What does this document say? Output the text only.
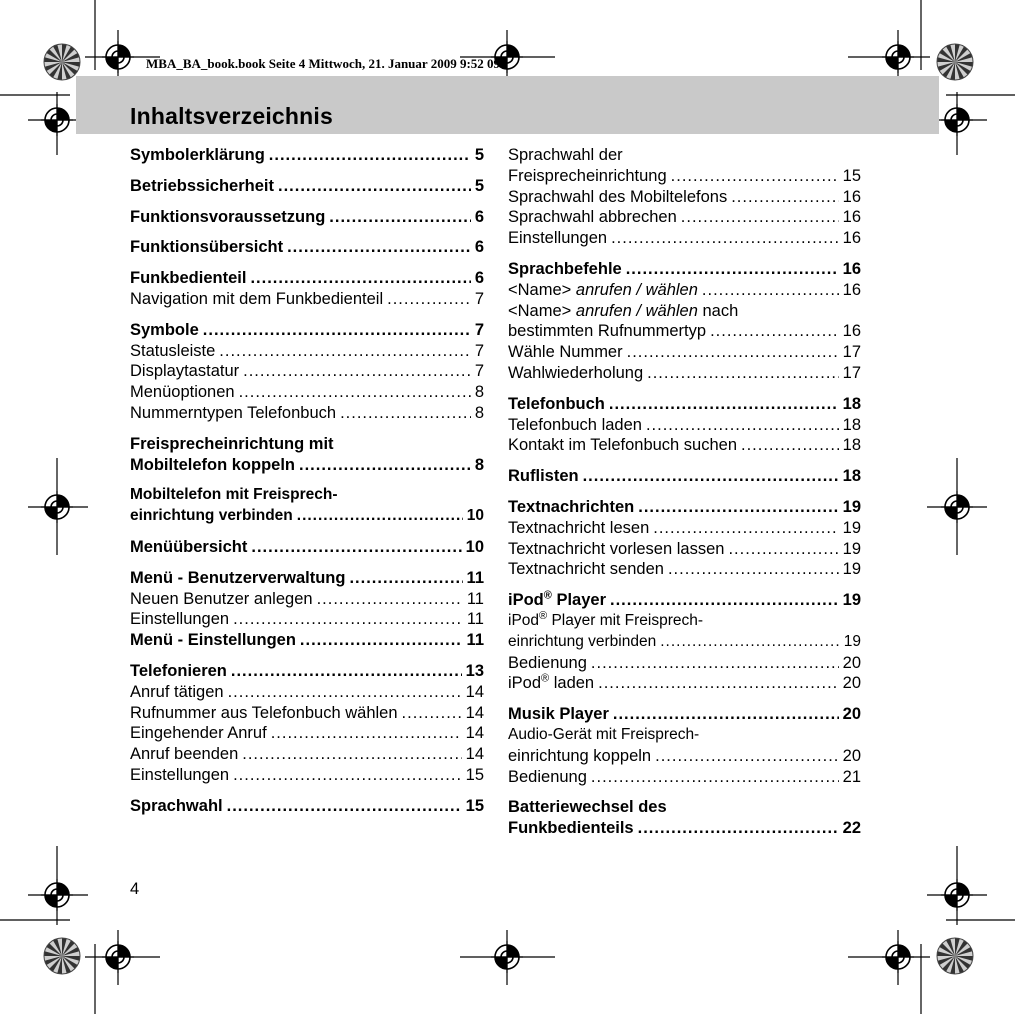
MBA_BA_book.book Seite 4 Mittwoch, 21. Januar 2009 9:52 09
Inhaltsverzeichnis
Symbolerklärung .....	5
Betriebssicherheit .....	5
Funktionsvoraussetzung .....	6
Funktionsübersicht .....	6
Funkbedienteil .....	6
Navigation mit dem Funkbedienteil .....	7
Symbole .....	7
Statusleiste .....	7
Displaytastatur .....	7
Menüoptionen .....	8
Nummerntypen Telefonbuch .....	8
Freisprecheinrichtung mit
Mobiltelefon koppeln .....	8
Mobiltelefon mit Freisprech-
einrichtung verbinden .....	10
Menüübersicht .....	10
Menü - Benutzerverwaltung .....	11
Neuen Benutzer anlegen .....	11
Einstellungen .....	11
Menü - Einstellungen .....	11
Telefonieren .....	13
Anruf tätigen .....	14
Rufnummer aus Telefonbuch wählen .....	14
Eingehender Anruf .....	14
Anruf beenden .....	14
Einstellungen .....	15
Sprachwahl .....	15
Sprachwahl der
Freisprecheinrichtung .....	15
Sprachwahl des Mobiltelefons .....	16
Sprachwahl abbrechen .....	16
Einstellungen .....	16
Sprachbefehle .....	16
<Name> anrufen / wählen .....	16
<Name> anrufen / wählen nach
bestimmten Rufnummertyp .....	16
Wähle Nummer .....	17
Wahlwiederholung .....	17
Telefonbuch .....	18
Telefonbuch laden .....	18
Kontakt im Telefonbuch suchen .....	18
Ruflisten .....	18
Textnachrichten .....	19
Textnachricht lesen .....	19
Textnachricht vorlesen lassen .....	19
Textnachricht senden .....	19
iPod® Player .....	19
iPod® Player mit Freisprech-
einrichtung verbinden .....	19
Bedienung .....	20
iPod® laden .....	20
Musik Player .....	20
Audio-Gerät mit Freisprech-
einrichtung koppeln .....	20
Bedienung .....	21
Batteriewechsel des
Funkbedienteils .....	22
4
